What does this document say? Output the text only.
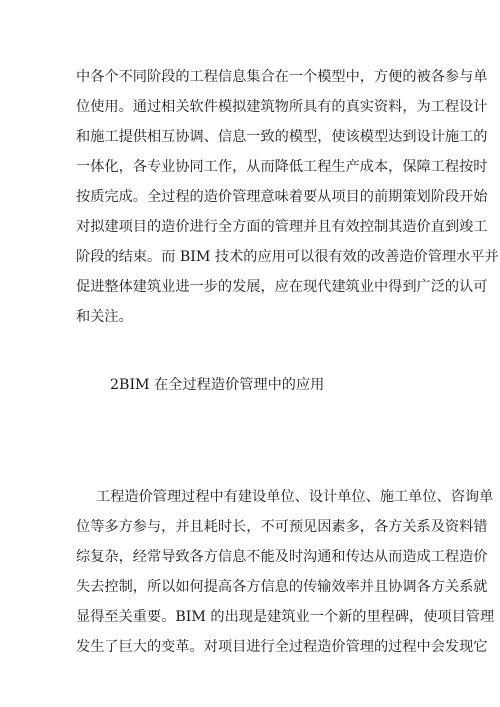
中各个不同阶段的工程信息集合在一个模型中，方便的被各参与单
位使用。通过相关软件模拟建筑物所具有的真实资料，为工程设计
和施工提供相互协调、信息一致的模型，使该模型达到设计施工的
一体化，各专业协同工作，从而降低工程生产成本，保障工程按时
按质完成。全过程的造价管理意味着要从项目的前期策划阶段开始
对拟建项目的造价进行全方面的管理并且有效控制其造价直到竣工
阶段的结束。而 BIM 技术的应用可以很有效的改善造价管理水平并
促进整体建筑业进一步的发展，应在现代建筑业中得到广泛的认可
和关注。
2BIM 在全过程造价管理中的应用
工程造价管理过程中有建设单位、设计单位、施工单位、咨询单
位等多方参与，并且耗时长，不可预见因素多，各方关系及资料错
综复杂，经常导致各方信息不能及时沟通和传达从而造成工程造价
失去控制，所以如何提高各方信息的传输效率并且协调各方关系就
显得至关重要。BIM 的出现是建筑业一个新的里程碑，使项目管理
发生了巨大的变革。对项目进行全过程造价管理的过程中会发现它
